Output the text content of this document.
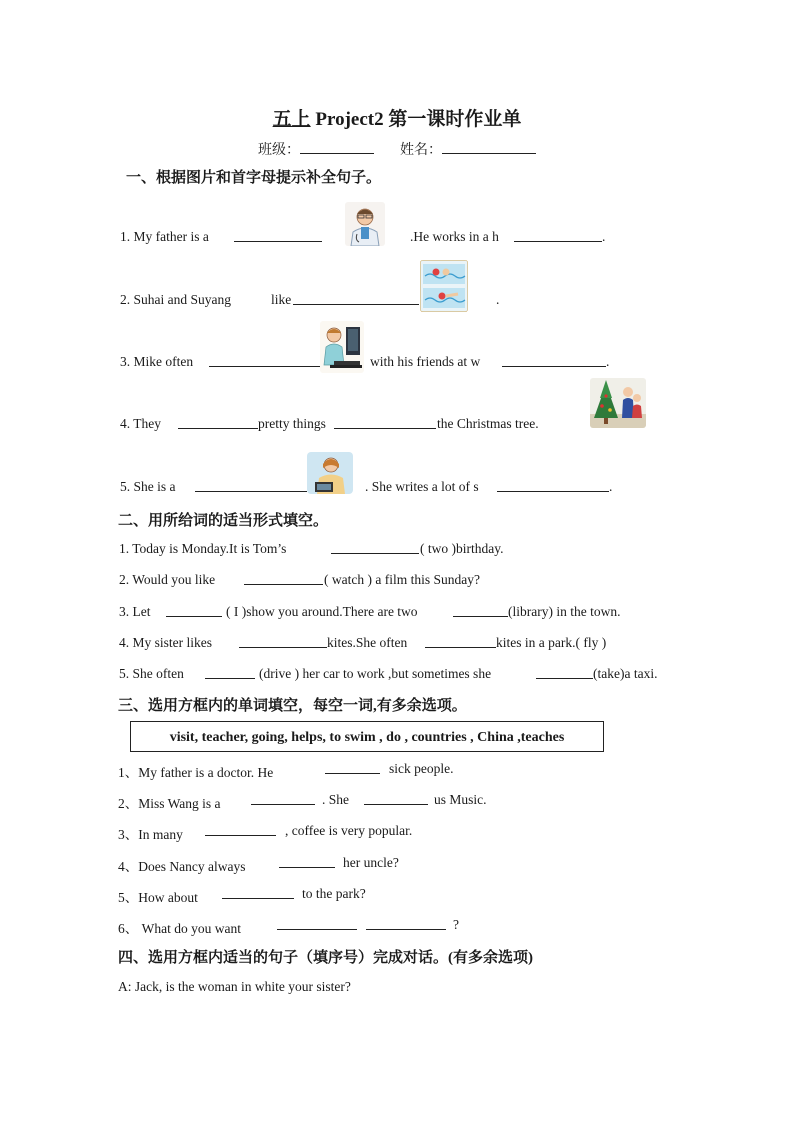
五上 Project2 第一课时作业单
班级：	姓名：
一、根据图片和首字母提示补全句子。
1. My father is a	.He works in a h	.
2. Suhai and Suyang	like	.
3. Mike often	with his friends at w	.
4. They	pretty things	the Christmas tree.
5. She is a	. She writes a lot of s	.
二、用所给词的适当形式填空。
1. Today is Monday.It is Tom’s	( two )birthday.
2. Would you like	( watch ) a film this Sunday?
3. Let	( I )show you around.There are two	(library) in the town.
4. My sister likes	kites.She often	kites in a park.( fly )
5. She often	(drive ) her car to work ,but sometimes she	(take)a taxi.
三、选用方框内的单词填空，每空一词,有多余选项。
visit, teacher, going, helps, to swim , do , countries , China ,teaches
1、My father is a doctor. He	sick people.
2、Miss Wang is a	. She	us Music.
3、In many	, coffee is very popular.
4、Does Nancy always	her uncle?
5、How about	to the park?
6、 What do you want	?
四、选用方框内适当的句子（填序号）完成对话。(有多余选项)
A: Jack, is the woman in white your sister?
